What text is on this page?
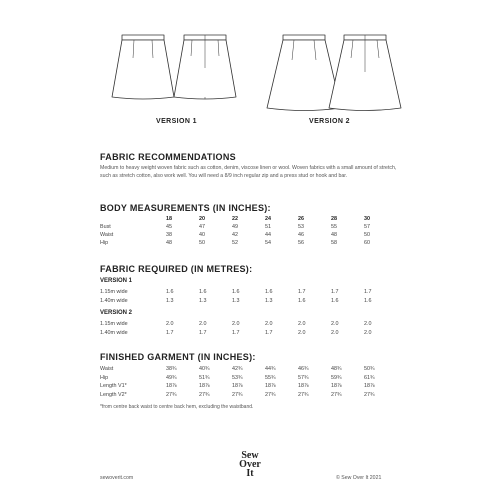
VERSION 1	VERSION 2
FABRIC RECOMMENDATIONS
Medium to heavy weight woven fabric such as cotton, denim, viscose linen or wool. Woven fabrics with a small amount of stretch, such as stretch cotton, also work well. You will need a 8/9 inch regular zip and a press stud or hook and bar.
BODY MEASUREMENTS (IN INCHES):
	18	20	22	24	26	28	30
Bust	45	47	49	51	53	55	57
Waist	38	40	42	44	46	48	50
Hip	48	50	52	54	56	58	60
FABRIC REQUIRED (IN METRES):
VERSION 1
1.15m wide	1.6	1.6	1.6	1.6	1.7	1.7	1.7
1.40m wide	1.3	1.3	1.3	1.3	1.6	1.6	1.6
VERSION 2
1.15m wide	2.0	2.0	2.0	2.0	2.0	2.0	2.0
1.40m wide	1.7	1.7	1.7	1.7	2.0	2.0	2.0
FINISHED GARMENT (IN INCHES):
Waist	38¾	40¾	42¾	44¾	46¾	48¾	50¾
Hip	49¾	51¾	53¾	55¾	57¾	59¾	61¾
Length V1*	18⅞	18⅞	18⅞	18⅞	18⅞	18⅞	18⅞
Length V2*	27¾	27¾	27¾	27¾	27¾	27¾	27¾
*from centre back waist to centre back hem, excluding the waistband.
sewoverit.com
Sew
Over
It	© Sew Over It 2021
